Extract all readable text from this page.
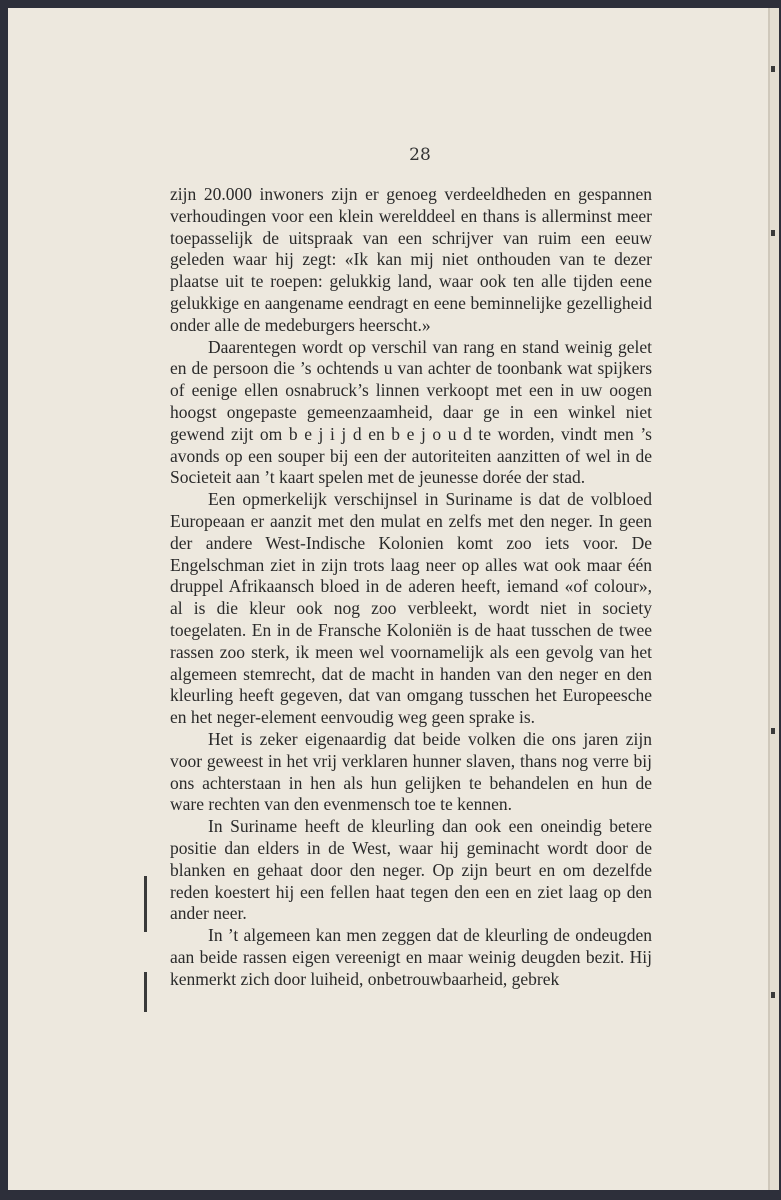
28

zijn 20.000 inwoners zijn er genoeg verdeeldheden en gespannen verhoudingen voor een klein werelddeel en thans is allerminst meer toepasselijk de uitspraak van een schrijver van ruim een eeuw geleden waar hij zegt: «Ik kan mij niet onthouden van te dezer plaatse uit te roepen: gelukkig land, waar ook ten alle tijden eene gelukkige en aangename eendragt en eene beminnelijke gezelligheid onder alle de medeburgers heerscht.»

Daarentegen wordt op verschil van rang en stand weinig gelet en de persoon die ’s ochtends u van achter de toonbank wat spijkers of eenige ellen osnabruck’s linnen verkoopt met een in uw oogen hoogst ongepaste gemeenzaamheid, daar ge in een winkel niet gewend zijt om b e j i j d en b e j o u d te worden, vindt men ’s avonds op een souper bij een der autoriteiten aanzitten of wel in de Societeit aan ’t kaart spelen met de jeunesse dorée der stad.

Een opmerkelijk verschijnsel in Suriname is dat de volbloed Europeaan er aanzit met den mulat en zelfs met den neger. In geen der andere West-Indische Kolonien komt zoo iets voor. De Engelschman ziet in zijn trots laag neer op alles wat ook maar één druppel Afrikaansch bloed in de aderen heeft, iemand «of colour», al is die kleur ook nog zoo verbleekt, wordt niet in society toegelaten. En in de Fransche Koloniën is de haat tusschen de twee rassen zoo sterk, ik meen wel voornamelijk als een gevolg van het algemeen stemrecht, dat de macht in handen van den neger en den kleurling heeft gegeven, dat van omgang tusschen het Europeesche en het neger-element eenvoudig weg geen sprake is.

Het is zeker eigenaardig dat beide volken die ons jaren zijn voor geweest in het vrij verklaren hunner slaven, thans nog verre bij ons achterstaan in hen als hun gelijken te behandelen en hun de ware rechten van den evenmensch toe te kennen.

In Suriname heeft de kleurling dan ook een oneindig betere positie dan elders in de West, waar hij geminacht wordt door de blanken en gehaat door den neger. Op zijn beurt en om dezelfde reden koestert hij een fellen haat tegen den een en ziet laag op den ander neer.

In ’t algemeen kan men zeggen dat de kleurling de ondeugden aan beide rassen eigen vereenigt en maar weinig deugden bezit. Hij kenmerkt zich door luiheid, onbetrouwbaarheid, gebrek
